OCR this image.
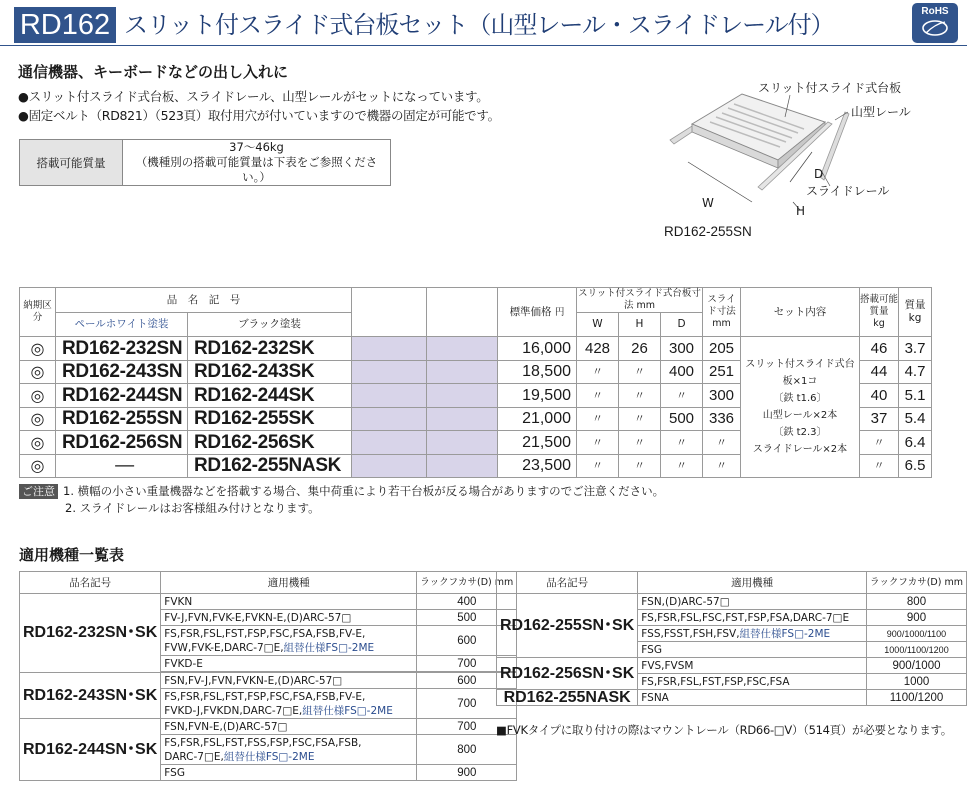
RD162 スリット付スライド式台板セット（山型レール・スライドレール付）	RoHS
通信機器、キーボードなどの出し入れに
●スリット付スライド式台板、スライドレール、山型レールがセットになっています。
●固定ベルト（RD821）（523頁）取付用穴が付いていますので機器の固定が可能です。
搭載可能質量	
37〜46kg
（機種別の搭載可能質量は下表をご参照ください。）
スリット付スライド式台板
山型レール
D
スライドレール
W
H
RD162-255SN
納期区分	品　名　記　号				標準価格 円	スリット付スライド式台板寸法 mm			スライド寸法
mm	セット内容	搭載可能質量
kg	質量
kg
	ペールホワイト塗装	ブラック塗装				W	H	D				
◎	RD162-232SN	RD162-232SK			16,000	428	26	300	205	スリット付スライド式台板×1コ
〔鉄 t1.6〕
山型レール×2本
〔鉄 t2.3〕
スライドレール×2本	46	3.7
◎	RD162-243SN	RD162-243SK			18,500	〃	〃	400	251		44	4.7
◎	RD162-244SN	RD162-244SK			19,500	〃	〃	〃	300		40	5.1
◎	RD162-255SN	RD162-255SK			21,000	〃	〃	500	336		37	5.4
◎	RD162-256SN	RD162-256SK			21,500	〃	〃	〃	〃		〃	6.4
◎	—	RD162-255NASK			23,500	〃	〃	〃	〃		〃	6.5
ご注意 1. 横幅の小さい重量機器などを搭載する場合、集中荷重により若干台板が反る場合がありますのでご注意ください。
2. スライドレールはお客様組み付けとなります。
適用機種一覧表
品名記号	適用機種	ラックフカサ(D) mm
RD162-232SN･SK	FVKN	400
	FV-J,FVN,FVK-E,FVKN-E,(D)ARC-57□	500
	FS,FSR,FSL,FST,FSP,FSC,FSA,FSB,FV-E,
FVW,FVK-E,DARC-7□E,組替仕様FS□-2ME	600
	FVKD-E	700

RD162-243SN･SK	FSN,FV-J,FVN,FVKN-E,(D)ARC-57□	600
	FS,FSR,FSL,FST,FSP,FSC,FSA,FSB,FV-E,
FVKD-J,FVKDN,DARC-7□E,組替仕様FS□-2ME	700
RD162-244SN･SK	FSN,FVN-E,(D)ARC-57□	700
	FS,FSR,FSL,FST,FSS,FSP,FSC,FSA,FSB,
DARC-7□E,組替仕様FS□-2ME	800
	FSG	900
品名記号	適用機種	ラックフカサ(D) mm
RD162-255SN･SK	FSN,(D)ARC-57□	800
	FS,FSR,FSL,FSC,FST,FSP,FSA,DARC-7□E	900
	FSS,FSST,FSH,FSV,組替仕様FS□-2ME	900/1000/1100
	FSG	1000/1100/1200
RD162-256SN･SK	FVS,FVSM	900/1000
	FS,FSR,FSL,FST,FSP,FSC,FSA	1000
RD162-255NASK	FSNA	1100/1200
■FVKタイプに取り付けの際はマウントレール（RD66-□V）（514頁）が必要となります。
